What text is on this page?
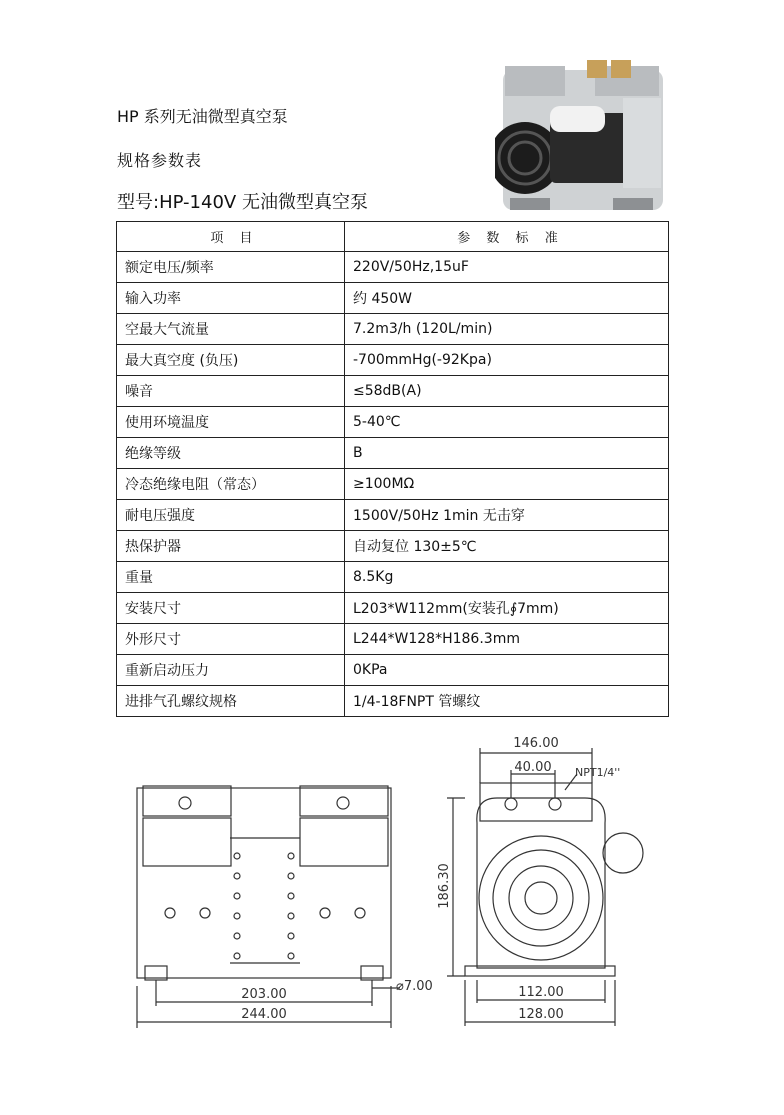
HP 系列无油微型真空泵
规格参数表
型号:HP-140V 无油微型真空泵
项 目	参 数 标 准
额定电压/频率	220V/50Hz,15uF
输入功率	约 450W
空最大气流量	7.2m3/h (120L/min)
最大真空度 (负压)	-700mmHg(-92Kpa)
噪音	≤58dB(A)
使用环境温度	5-40℃
绝缘等级	B
冷态绝缘电阻（常态）	≥100MΩ
耐电压强度	1500V/50Hz 1min 无击穿
热保护器	自动复位 130±5℃
重量	8.5Kg
安装尺寸	L203*W112mm(安装孔∮7mm)
外形尺寸	L244*W128*H186.3mm
重新启动压力	0KPa
进排气孔螺纹规格	1/4-18FNPT 管螺纹
203.00
244.00
⌀7.00
146.00
40.00 NPT1/4''
186.30
112.00
128.00
